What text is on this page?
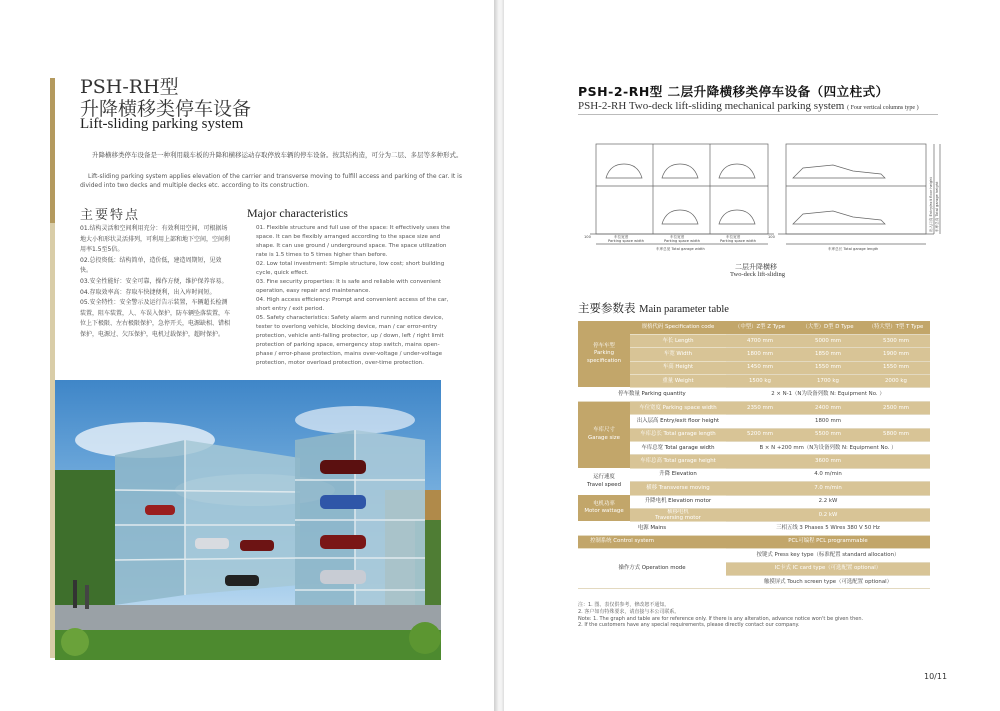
PSH-RH型
升降横移类停车设备
Lift-sliding parking system

升降横移类停车设备是一种利用载车板的升降和横移运动存取停放车辆的停车设备。按其结构造，可分为二层、多层等多种形式。

Lift-sliding parking system applies elevation of the carrier and transverse moving to fulfill access and parking of the car. It is divided into two decks and multiple decks etc. according to its construction.

主要特点	Major characteristics

01.结构灵活和空间利用充分：有效利用空间，可根据场地大小和形状灵活排列，可利用上部和地下空间，空间利用率1.5至5倍。

02.总投资低：结构简单，造价低，建造周期短，见效快。

03.安全性能好：安全可靠，操作方便，维护保养容易。

04.存取效率高：存取车快捷便利，出入库时间短。

05.安全特性：安全警示及运行告示装置，车辆超长检测装置，阻车装置，人、车误入保护，防车辆坠落装置，车位上下极限、左右极限保护，急停开关，电源缺相、错相保护，电源过、欠压保护，电机过载保护，超时保护。

01. Flexible structure and full use of the space: It effectively uses the space. It can be flexibly arranged according to the space size and shape. It can use ground / underground space. The space utilization rate is 1.5 times to 5 times higher than before.

02. Low total investment: Simple structure, low cost; short building cycle, quick effect.

03. Fine security properties: It is safe and reliable with convenient operation, easy repair and maintenance.

04. High access efficiency: Prompt and convenient access of the car, short entry / exit period.

05. Safety characteristics: Safety alarm and running notice device, tester to overlong vehicle, blocking device, man / car error-entry protection, vehicle anti-falling protector, up / down, left / right limit protection of parking space, emergency stop switch, mains open-phase / error-phase protection, mains over-voltage / under-voltage protection, motor overload protection, over-time protection.

PSH-2-RH型 二层升降横移类停车设备（四立柱式）
PSH-2-RH Two-deck lift-sliding mechanical parking system ( Four vertical columns type )
车位宽度
Parking space width
车位宽度
Parking space width
车位宽度
Parking space width
车库总宽 Total garage width	车库总长 Total garage length
100	100
出入口高 Entry/exit floor height 车库总高 Total garage height
二层升降横移
Two-deck lift-sliding
主要参数表 Main parameter table
停车车型
Parking specification	规格代码 Specification code	（中型）Z型 Z Type	（大型）D型 D Type	（特大型）T型 T Type
	车长 Length	4700 mm	5000 mm	5300 mm
	车宽 Width	1800 mm	1850 mm	1900 mm
	车高 Height	1450 mm	1550 mm	1550 mm
	重量 Weight	1500 kg	1700 kg	2000 kg
停车数量 Parking quantity		2 × N-1（N为设备列数 N: Equipment No. ）		
车库尺寸
Garage size	车位宽度 Parking space width	2350 mm	2400 mm	2500 mm
	出入层高 Entry/exit floor height	1800 mm		
	车库总长 Total garage length	5200 mm	5500 mm	5800 mm
	车库总宽 Total garage width	B × N +200 mm（N为设备列数 N: Equipment No. ）		
	车库总高 Total garage height	3600 mm		
运行速度
Travel speed	升降 Elevation	4.0 m/min		
	横移 Transverse moving	7.0 m/min		
电机功率
Motor wattage	升降电机 Elevation motor	2.2 kW		
	横移电机
Traversing motor	0.2 kW		
电源 Mains		三相五线 3 Phases 5 Wires 380 V 50 Hz		
控制系统 Control system		PCL可编程 PCL programmable		
操作方式 Operation mode		按键式 Press key type（标准配置 standard allocation）		
		IC卡式 IC card type（可选配置 optional）		
		触摸屏式 Touch screen type（可选配置 optional）		
注：1. 图、表仅供参考，修改恕不通知。
2. 客户如有特殊要求，请直接与本公司联系。
Note: 1. The graph and table are for reference only. If there is any alteration, advance notice won't be given then.
2. If the customers have any special requirements, please directly contact our company.
10/11
